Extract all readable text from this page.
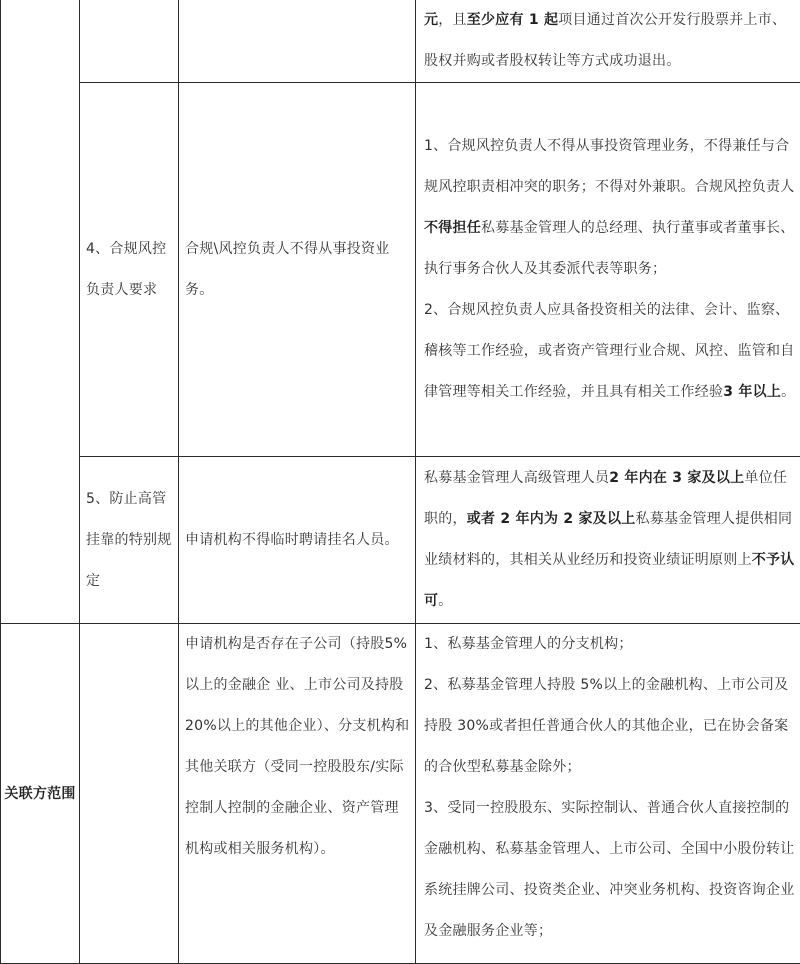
			元，且至少应有 1 起项目通过首次公开发行股票并上市、股权并购或者股权转让等方式成功退出。

	4、合规风控负责人要求	合规\风控负责人不得从事投资业务。	1、合规风控负责人不得从事投资管理业务，不得兼任与合规风控职责相冲突的职务；不得对外兼职。合规风控负责人不得担任私募基金管理人的总经理、执行董事或者董事长、执行事务合伙人及其委派代表等职务；

2、合规风控负责人应具备投资相关的法律、会计、监察、稽核等工作经验，或者资产管理行业合规、风控、监管和自律管理等相关工作经验，并且具有相关工作经验3 年以上。

	5、防止高管挂靠的特别规定	申请机构不得临时聘请挂名人员。	私募基金管理人高级管理人员2 年内在 3 家及以上单位任职的，或者 2 年内为 2 家及以上私募基金管理人提供相同业绩材料的，其相关从业经历和投资业绩证明原则上不予认可。

关联方范围		申请机构是否存在子公司（持股5%以上的金融企 业、上市公司及持股 20%以上的其他企业）、分支机构和其他关联方（受同一控股股东/实际控制人控制的金融企业、资产管理机构或相关服务机构）。	1、私募基金管理人的分支机构；

2、私募基金管理人持股 5%以上的金融机构、上市公司及持股 30%或者担任普通合伙人的其他企业，已在协会备案的合伙型私募基金除外；

3、受同一控股股东、实际控制认、普通合伙人直接控制的金融机构、私募基金管理人、上市公司、全国中小股份转让系统挂牌公司、投资类企业、冲突业务机构、投资咨询企业及金融服务企业等；
